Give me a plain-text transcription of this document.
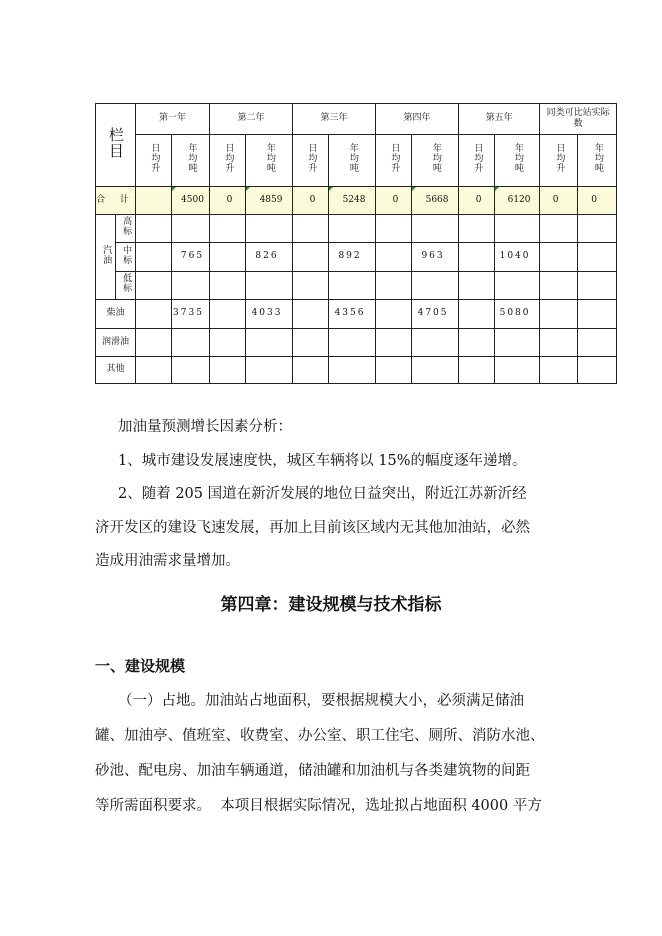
栏目		第一年		第二年		第三年		第四年		第五年		同类可比站实际数	
		日均升	年均吨	日均升	年均吨	日均升	年均吨	日均升	年均吨	日均升	年均吨	日均升	年均吨
合 计			4500	0	4859	0	5248	0	5668	0	6120	0	0
汽油	高标												
	中标		765		826		892		963		1040		
	低标												
柴油			3735		4033		4356		4705		5080		
润滑油													
其他													
加油量预测增长因素分析：
1、城市建设发展速度快，城区车辆将以 15%的幅度逐年递增。
2、随着 205 国道在新沂发展的地位日益突出，附近江苏新沂经
济开发区的建设飞速发展，再加上目前该区域内无其他加油站，必然
造成用油需求量增加。
第四章：建设规模与技术指标
一、建设规模
（一）占地。加油站占地面积，要根据规模大小，必须满足储油
罐、加油亭、值班室、收费室、办公室、职工住宅、厕所、消防水池、
砂池、配电房、加油车辆通道，储油罐和加油机与各类建筑物的间距
等所需面积要求。  本项目根据实际情况，选址拟占地面积 4000 平方
